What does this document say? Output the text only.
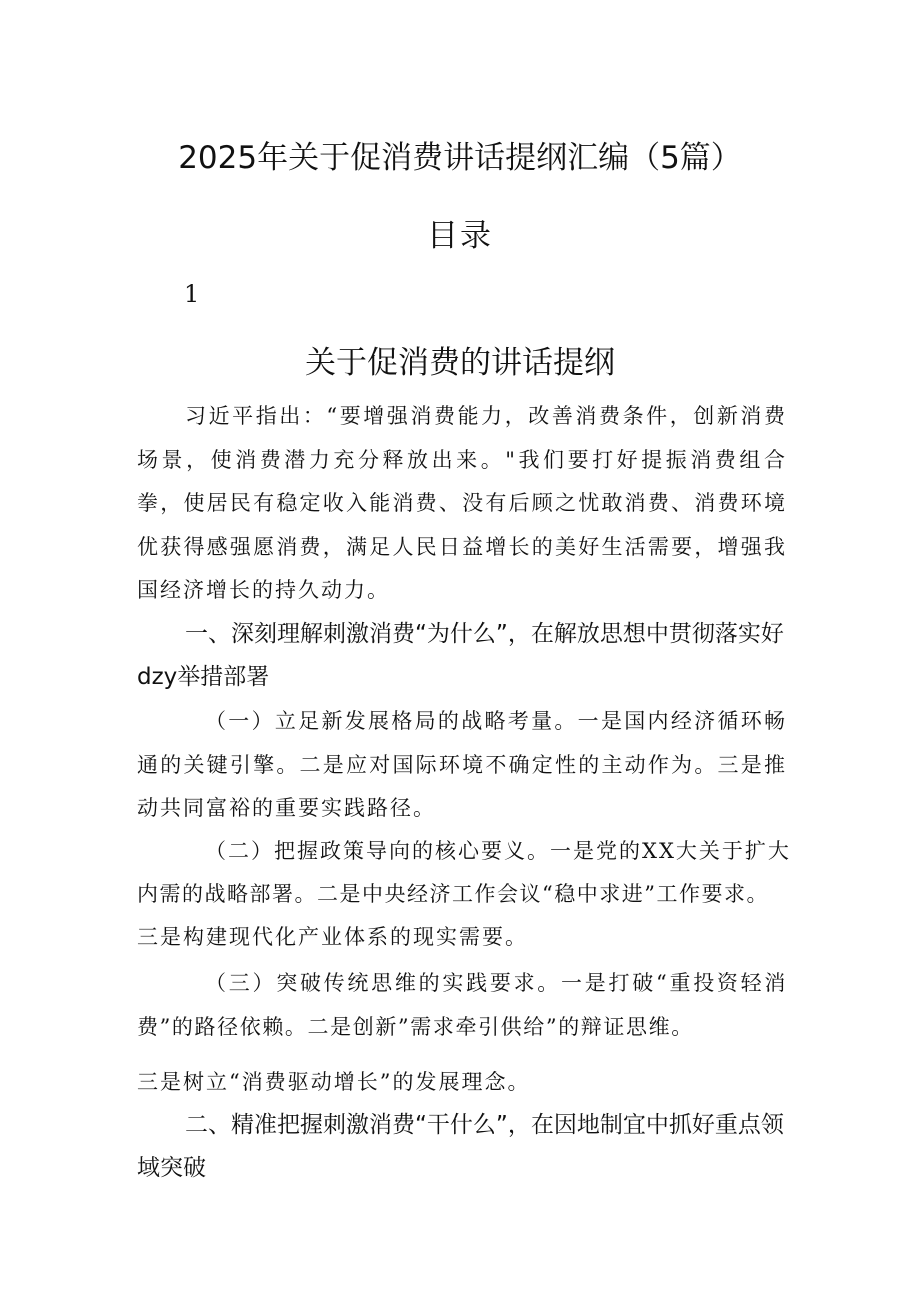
2025年关于促消费讲话提纲汇编（5篇）
目录
1
关于促消费的讲话提纲

习近平指出：“要增强消费能力，改善消费条件，创新消费场景，使消费潜力充分释放出来。"我们要打好提振消费组合拳，使居民有稳定收入能消费、没有后顾之忧敢消费、消费环境优获得感强愿消费，满足人民日益增长的美好生活需要，增强我国经济增长的持久动力。

一、深刻理解刺激消费“为什么”，在解放思想中贯彻落实好dzy举措部署

（一）立足新发展格局的战略考量。一是国内经济循环畅通的关键引擎。二是应对国际环境不确定性的主动作为。三是推动共同富裕的重要实践路径。

（二）把握政策导向的核心要义。一是党的XX大关于扩大
内需的战略部署。二是中央经济工作会议“稳中求进”工作要求。
三是构建现代化产业体系的现实需要。

（三）突破传统思维的实践要求。一是打破“重投资轻消费”的路径依赖。二是创新”需求牵引供给”的辩证思维。

三是树立“消费驱动增长”的发展理念。

二、精准把握刺激消费“干什么”，在因地制宜中抓好重点领域突破
